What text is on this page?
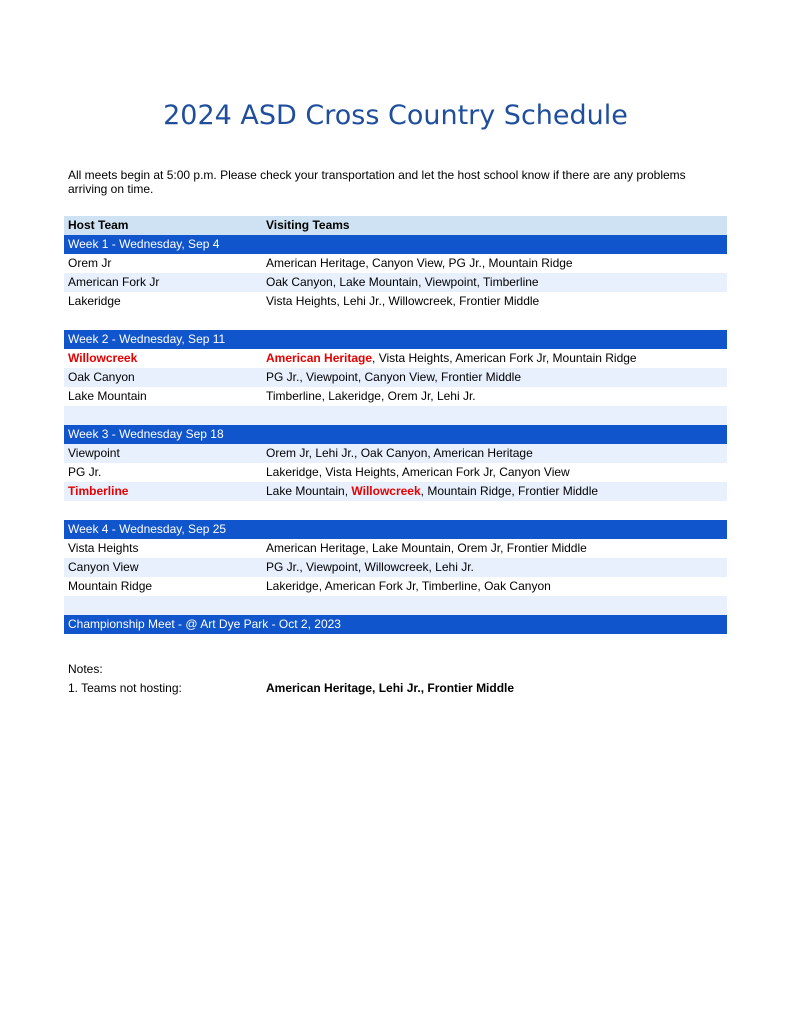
2024 ASD Cross Country Schedule
All meets begin at 5:00 p.m. Please check your transportation and let the host school know if there are any problems arriving on time.
Host Team	Visiting Teams
Week 1 - Wednesday, Sep 4
Orem Jr	American Heritage, Canyon View, PG Jr., Mountain Ridge
American Fork Jr	Oak Canyon, Lake Mountain, Viewpoint, Timberline
Lakeridge	Vista Heights, Lehi Jr., Willowcreek, Frontier Middle
Week 2 - Wednesday, Sep 11
Willowcreek	American Heritage, Vista Heights, American Fork Jr, Mountain Ridge
Oak Canyon	PG Jr., Viewpoint, Canyon View, Frontier Middle
Lake Mountain	Timberline, Lakeridge, Orem Jr, Lehi Jr.
Week 3 - Wednesday Sep 18
Viewpoint	Orem Jr, Lehi Jr., Oak Canyon, American Heritage
PG Jr.	Lakeridge, Vista Heights, American Fork Jr, Canyon View
Timberline	Lake Mountain, Willowcreek, Mountain Ridge, Frontier Middle
Week 4 - Wednesday, Sep 25
Vista Heights	American Heritage, Lake Mountain, Orem Jr, Frontier Middle
Canyon View	PG Jr., Viewpoint, Willowcreek, Lehi Jr.
Mountain Ridge	Lakeridge, American Fork Jr, Timberline, Oak Canyon
Championship Meet - @ Art Dye Park - Oct 2, 2023
Notes:
1. Teams not hosting:	American Heritage, Lehi Jr., Frontier Middle
